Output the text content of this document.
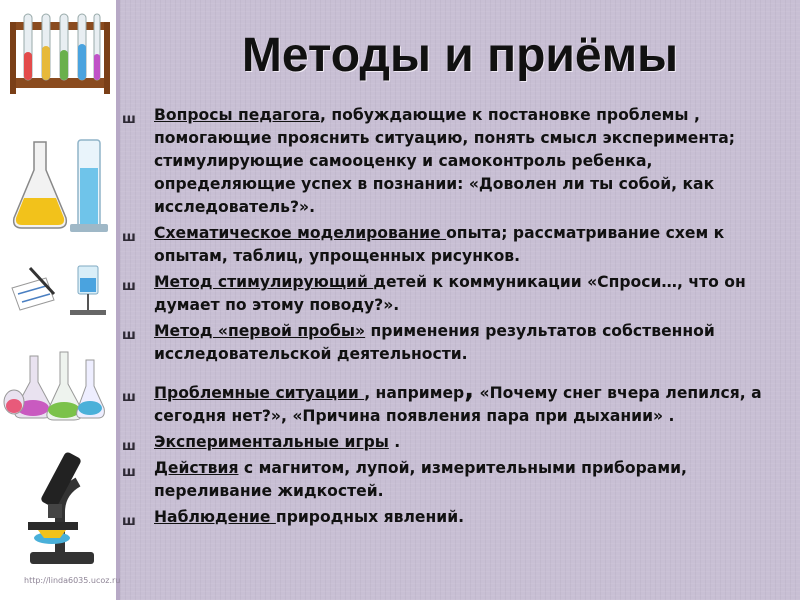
http://linda6035.ucoz.ru
Методы и приёмы
ш Вопросы педагога, побуждающие к постановке проблемы , помогающие прояснить ситуацию, понять смысл эксперимента; стимулирующие самооценку и самоконтроль ребенка, определяющие успех в познании: «Доволен ли ты собой, как исследователь?».
ш Схематическое моделирование опыта; рассматривание схем к опытам, таблиц, упрощенных рисунков.
ш Метод стимулирующий детей к коммуникации «Спроси…, что он думает по этому поводу?».
ш Метод «первой пробы» применения результатов собственной исследовательской деятельности.
ш Проблемные ситуации , например, «Почему снег вчера лепился, а сегодня нет?», «Причина появления пара при дыхании» .
ш Экспериментальные игры .
ш Действия с магнитом, лупой, измерительными приборами, переливание жидкостей.
ш Наблюдение природных явлений.
